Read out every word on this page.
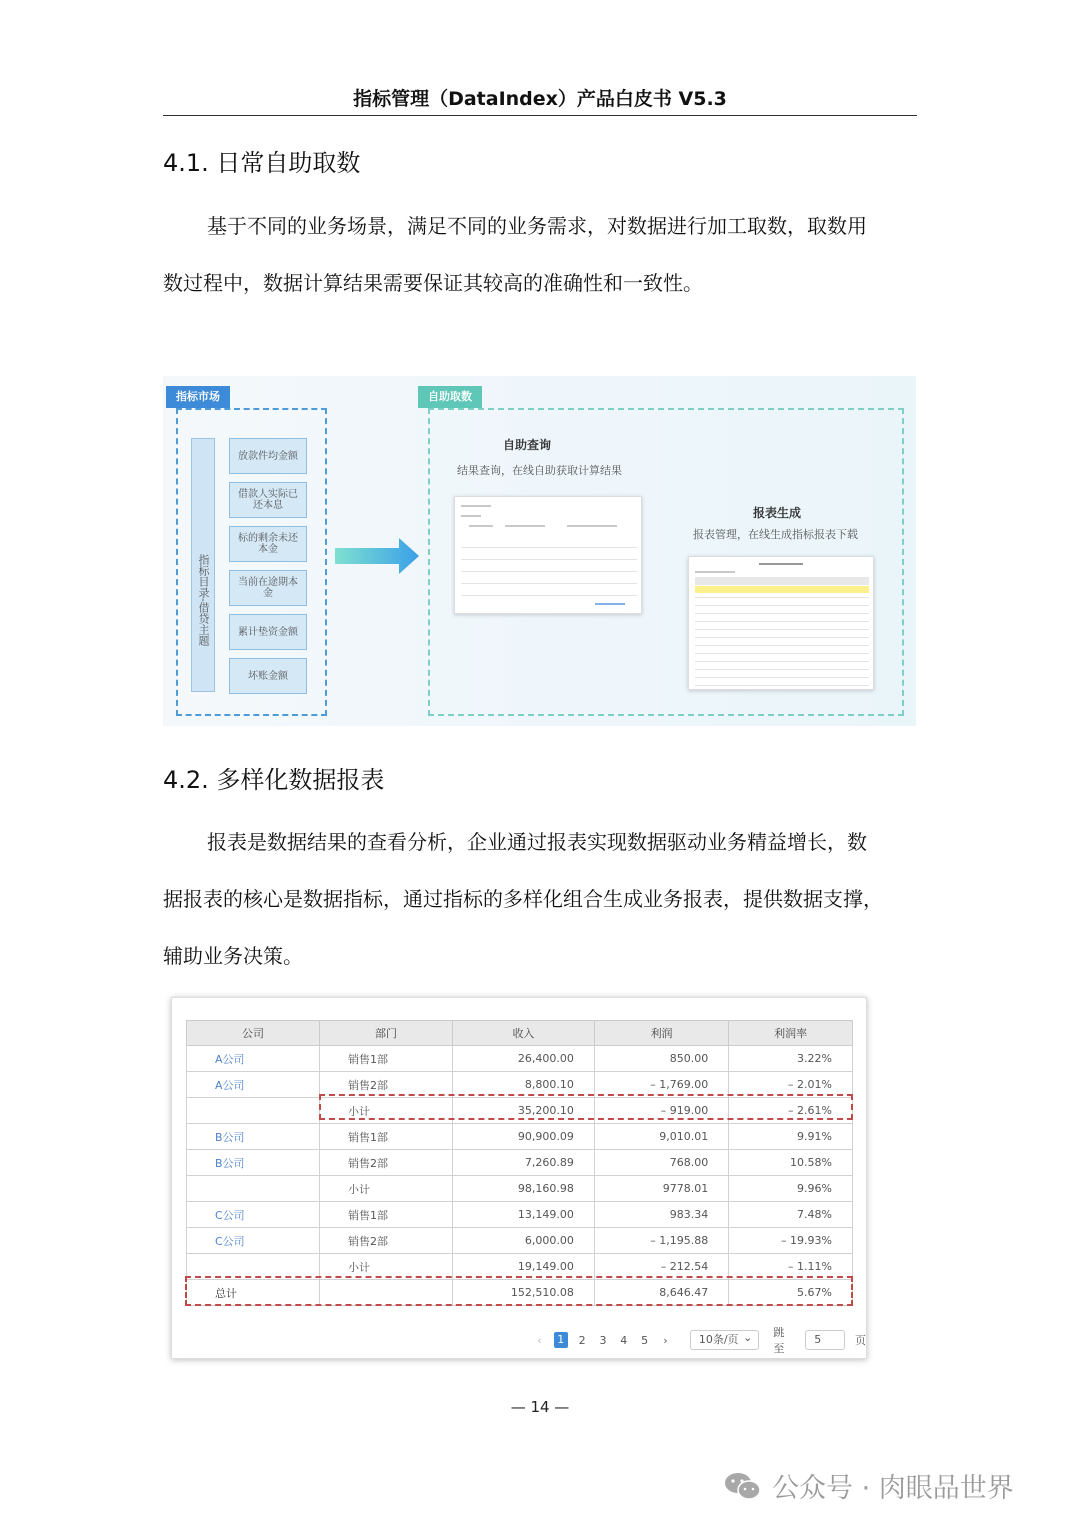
指标管理（DataIndex）产品白皮书 V5.3
4.1. 日常自助取数

基于不同的业务场景，满足不同的业务需求，对数据进行加工取数，取数用
数过程中，数据计算结果需要保证其较高的准确性和一致性。

指标市场
指标目录-借贷主题
放款件均金额
借款人实际已还本息
标的剩余未还本金
当前在途期本金
累计垫资金额
坏账金额
自助取数
自助查询
结果查询，在线自助获取计算结果
报表生成
报表管理，在线生成指标报表下载
4.2. 多样化数据报表

报表是数据结果的查看分析，企业通过报表实现数据驱动业务精益增长，数
据报表的核心是数据指标，通过指标的多样化组合生成业务报表，提供数据支撑，
辅助业务决策。

公司	部门	收入	利润	利润率
A公司	销售1部	26,400.00	850.00	3.22%
A公司	销售2部	8,800.10	– 1,769.00	– 2.01%
	小计	35,200.10	– 919.00	– 2.61%
B公司	销售1部	90,900.09	9,010.01	9.91%
B公司	销售2部	7,260.89	768.00	10.58%
	小计	98,160.98	9778.01	9.96%
C公司	销售1部	13,149.00	983.34	7.48%
C公司	销售2部	6,000.00	– 1,195.88	– 19.93%
	小计	19,149.00	– 212.54	– 1.11%
总计		152,510.08	8,646.47	5.67%
‹	1	2	3	4	5	›	10条/页 ⌄
跳至
5	页
— 14 —
公众号 · 肉眼品世界
